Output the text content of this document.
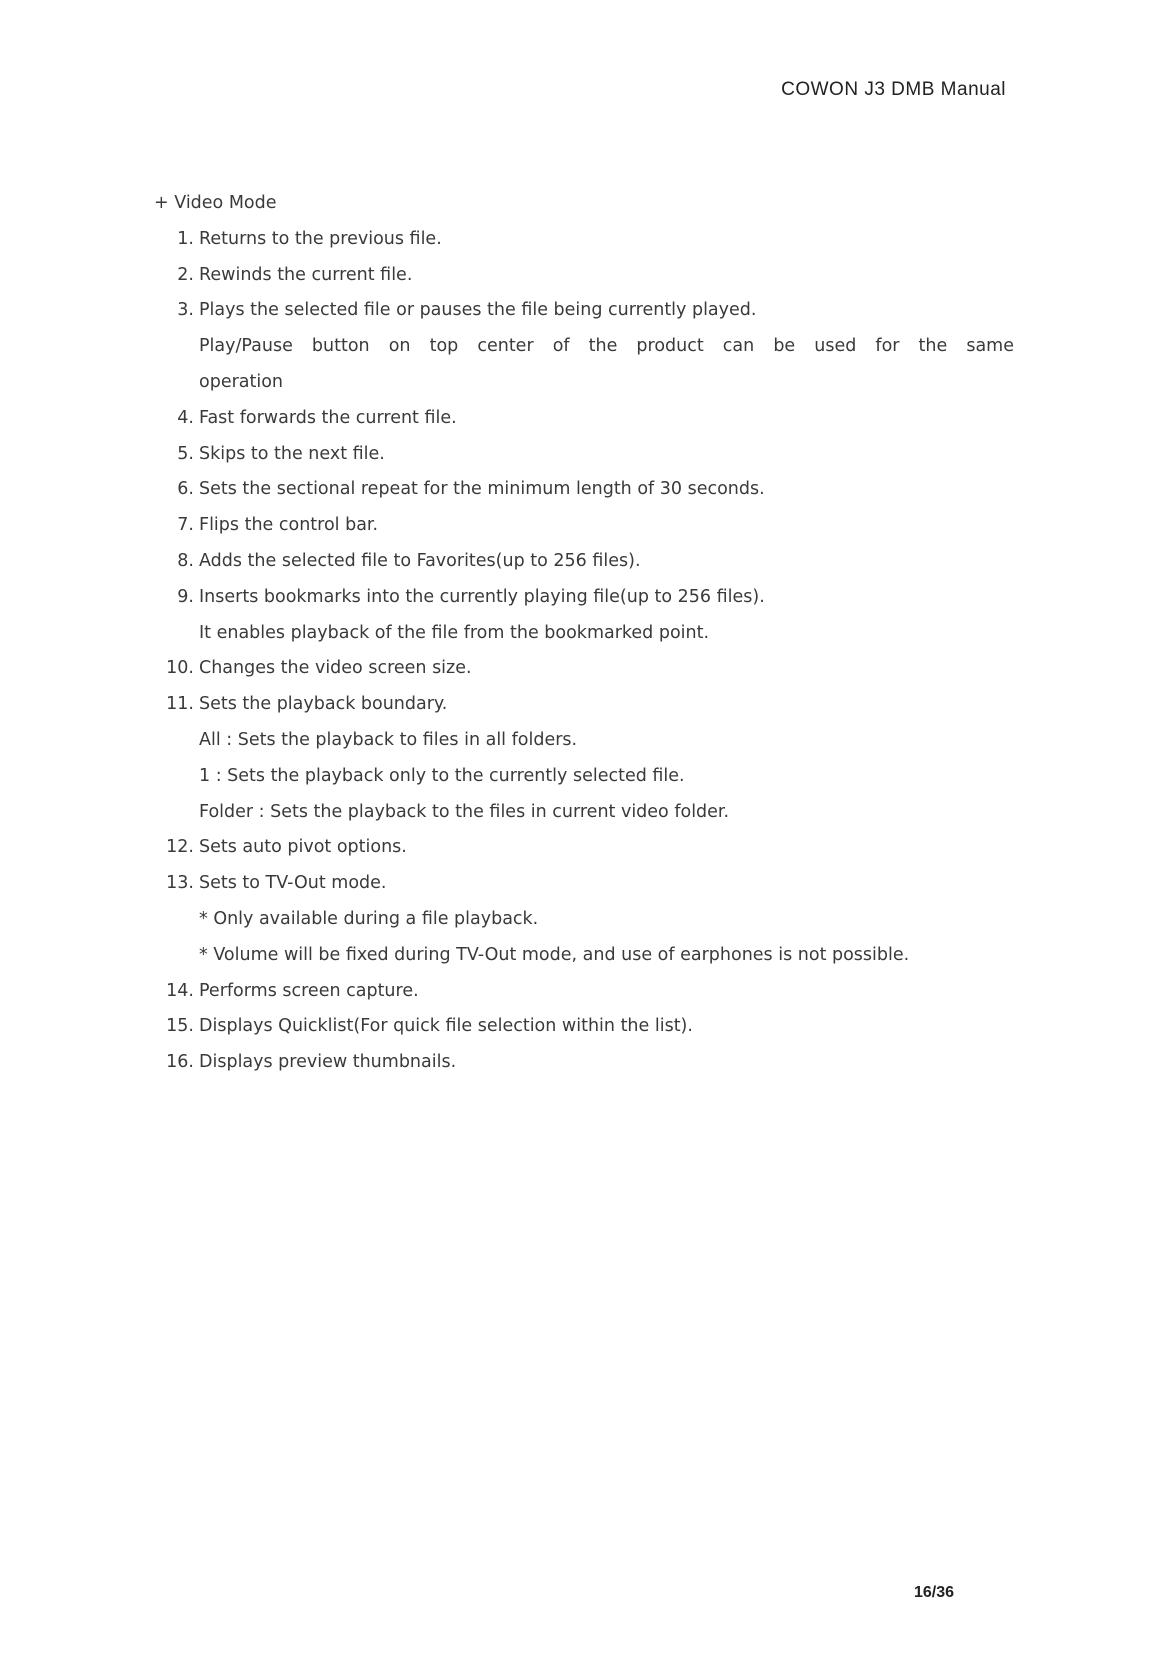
COWON J3 DMB Manual
+ Video Mode
1. Returns to the previous file.
2. Rewinds the current file.
3. Plays the selected file or pauses the file being currently played.
Play/Pause button on top center of the product can be used for the same
operation
4. Fast forwards the current file.
5. Skips to the next file.
6. Sets the sectional repeat for the minimum length of 30 seconds.
7. Flips the control bar.
8. Adds the selected file to Favorites(up to 256 files).
9. Inserts bookmarks into the currently playing file(up to 256 files).
It enables playback of the file from the bookmarked point.
10. Changes the video screen size.
11. Sets the playback boundary.
All : Sets the playback to files in all folders.
1 : Sets the playback only to the currently selected file.
Folder : Sets the playback to the files in current video folder.
12. Sets auto pivot options.
13. Sets to TV-Out mode.
* Only available during a file playback.
* Volume will be fixed during TV-Out mode, and use of earphones is not possible.
14. Performs screen capture.
15. Displays Quicklist(For quick file selection within the list).
16. Displays preview thumbnails.
16/36
